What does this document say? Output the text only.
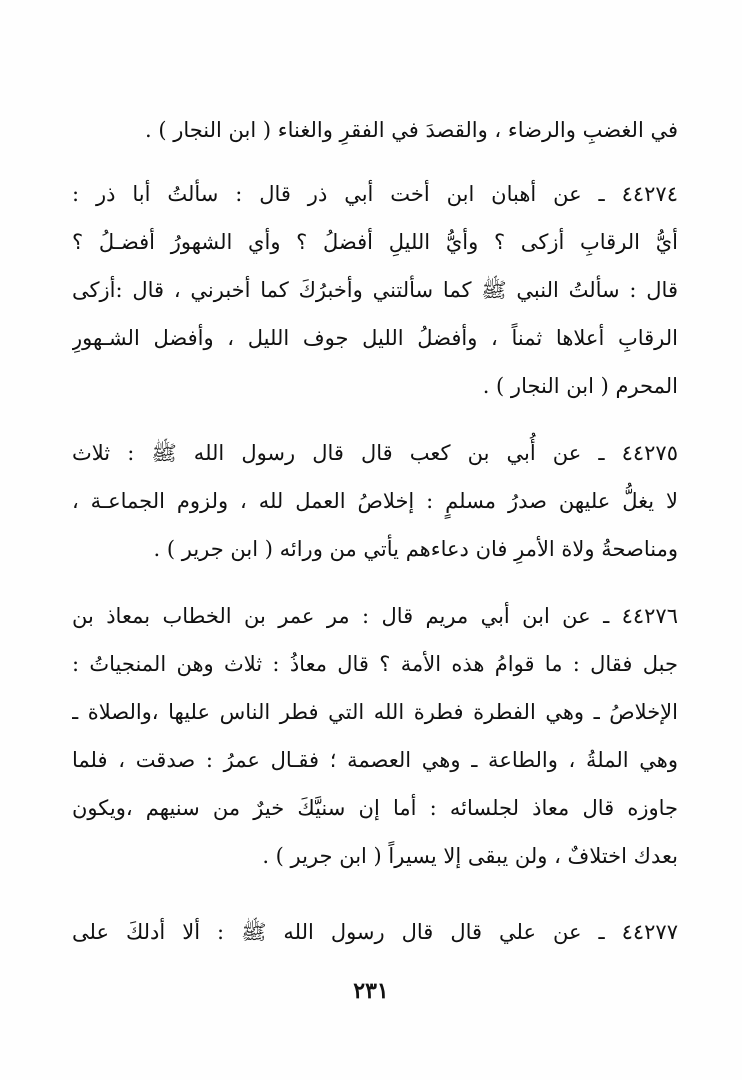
في الغضبِ والرضاء ، والقصدَ في الفقرِ والغناء ( ابن النجار ) .
٤٤٢٧٤ ـ عن أهبان ابن أخت أبي ذر قال : سألتُ أبا ذر :
أيُّ الرقابِ أزكى ؟ وأيُّ الليلِ أفضلُ ؟ وأي الشهورُ أفضـلُ ؟
قال : سألتُ النبي ﷺ كما سألتني وأخبرُكَ كما أخبرني ، قال :أزكى
الرقابِ أعلاها ثمناً ، وأفضلُ الليل جوف الليل ، وأفضل الشـهورِ
المحرم ( ابن النجار ) .
٤٤٢٧٥ ـ عن أُبي بن كعب قال قال رسول الله ﷺ : ثلاث
لا يغلُّ عليهن صدرُ مسلمٍ : إخلاصُ العمل لله ، ولزوم الجماعـة ،
ومناصحةُ ولاة الأمرِ فان دعاءهم يأتي من ورائه ( ابن جرير ) .
٤٤٢٧٦ ـ عن ابن أبي مريم قال : مر عمر بن الخطاب بمعاذ بن
جبل فقال : ما قوامُ هذه الأمة ؟ قال معاذُ : ثلاث وهن المنجياتُ :
الإخلاصُ ـ وهي الفطرة فطرة الله التي فطر الناس عليها ،والصلاة ـ
وهي الملةُ ، والطاعة ـ وهي العصمة ؛ فقـال عمرُ : صدقت ، فلما
جاوزه قال معاذ لجلسائه : أما إن سنيَّكَ خيرٌ من سنيهم ،ويكون
بعدك اختلافٌ ، ولن يبقى إلا يسيراً ( ابن جرير ) .
٤٤٢٧٧ ـ عن علي قال قال رسول الله ﷺ : ألا أدلكَ على
٢٣١
